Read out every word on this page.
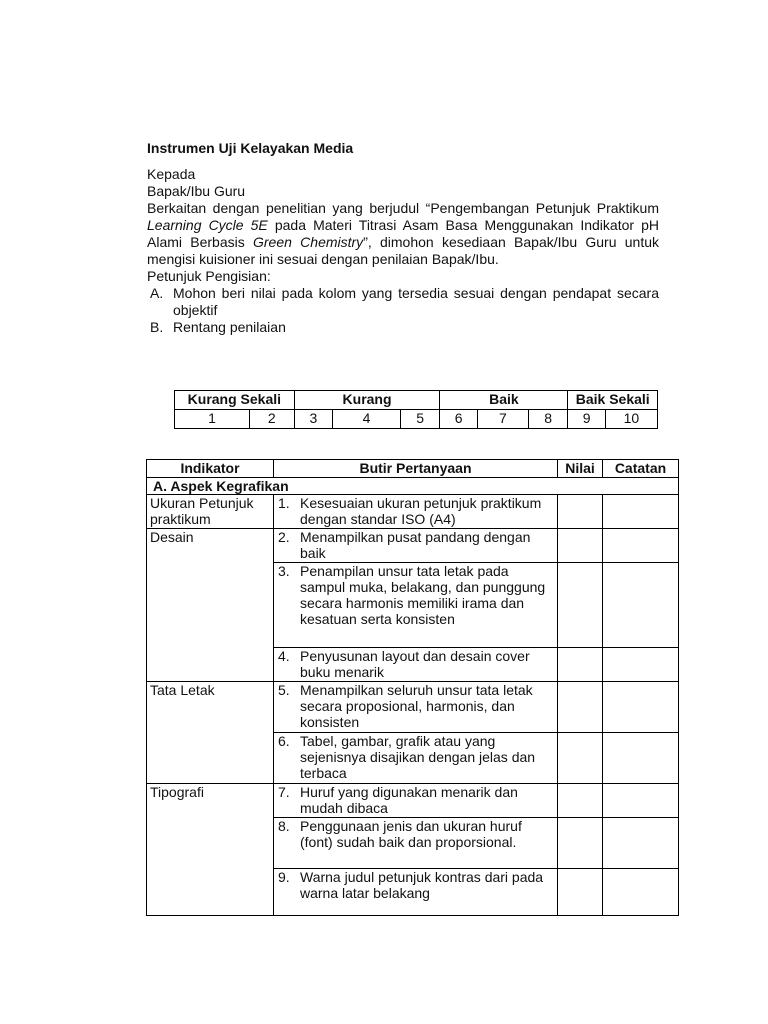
Instrumen Uji Kelayakan Media

Kepada

Bapak/Ibu Guru

Berkaitan dengan penelitian yang berjudul “Pengembangan Petunjuk Praktikum Learning Cycle 5E pada Materi Titrasi Asam Basa Menggunakan Indikator pH Alami Berbasis Green Chemistry”, dimohon kesediaan Bapak/Ibu Guru untuk mengisi kuisioner ini sesuai dengan penilaian Bapak/Ibu.

Petunjuk Pengisian:

A. Mohon beri nilai pada kolom yang tersedia sesuai dengan pendapat secara objektif
B. Rentang penilaian
Kurang Sekali		Kurang			Baik			Baik Sekali	
1	2	3	4	5	6	7	8	9	10
Indikator	Butir Pertanyaan	Nilai	Catatan
A. Aspek Kegrafikan			
Ukuran Petunjuk praktikum	1. Kesesuaian ukuran petunjuk praktikum dengan standar ISO (A4)		

Desain	2. Menampilkan pusat pandang dengan baik		

	3. Penampilan unsur tata letak pada sampul muka, belakang, dan punggung secara harmonis memiliki irama dan kesatuan serta konsisten		

	4. Penyusunan layout dan desain cover buku menarik		

Tata Letak	5. Menampilkan seluruh unsur tata letak secara proposional, harmonis, dan konsisten		

	6. Tabel, gambar, grafik atau yang sejenisnya disajikan dengan jelas dan terbaca		

Tipografi	7. Huruf yang digunakan menarik dan mudah dibaca		

	8. Penggunaan jenis dan ukuran huruf (font) sudah baik dan proporsional.		

	9. Warna judul petunjuk kontras dari pada warna latar belakang		
